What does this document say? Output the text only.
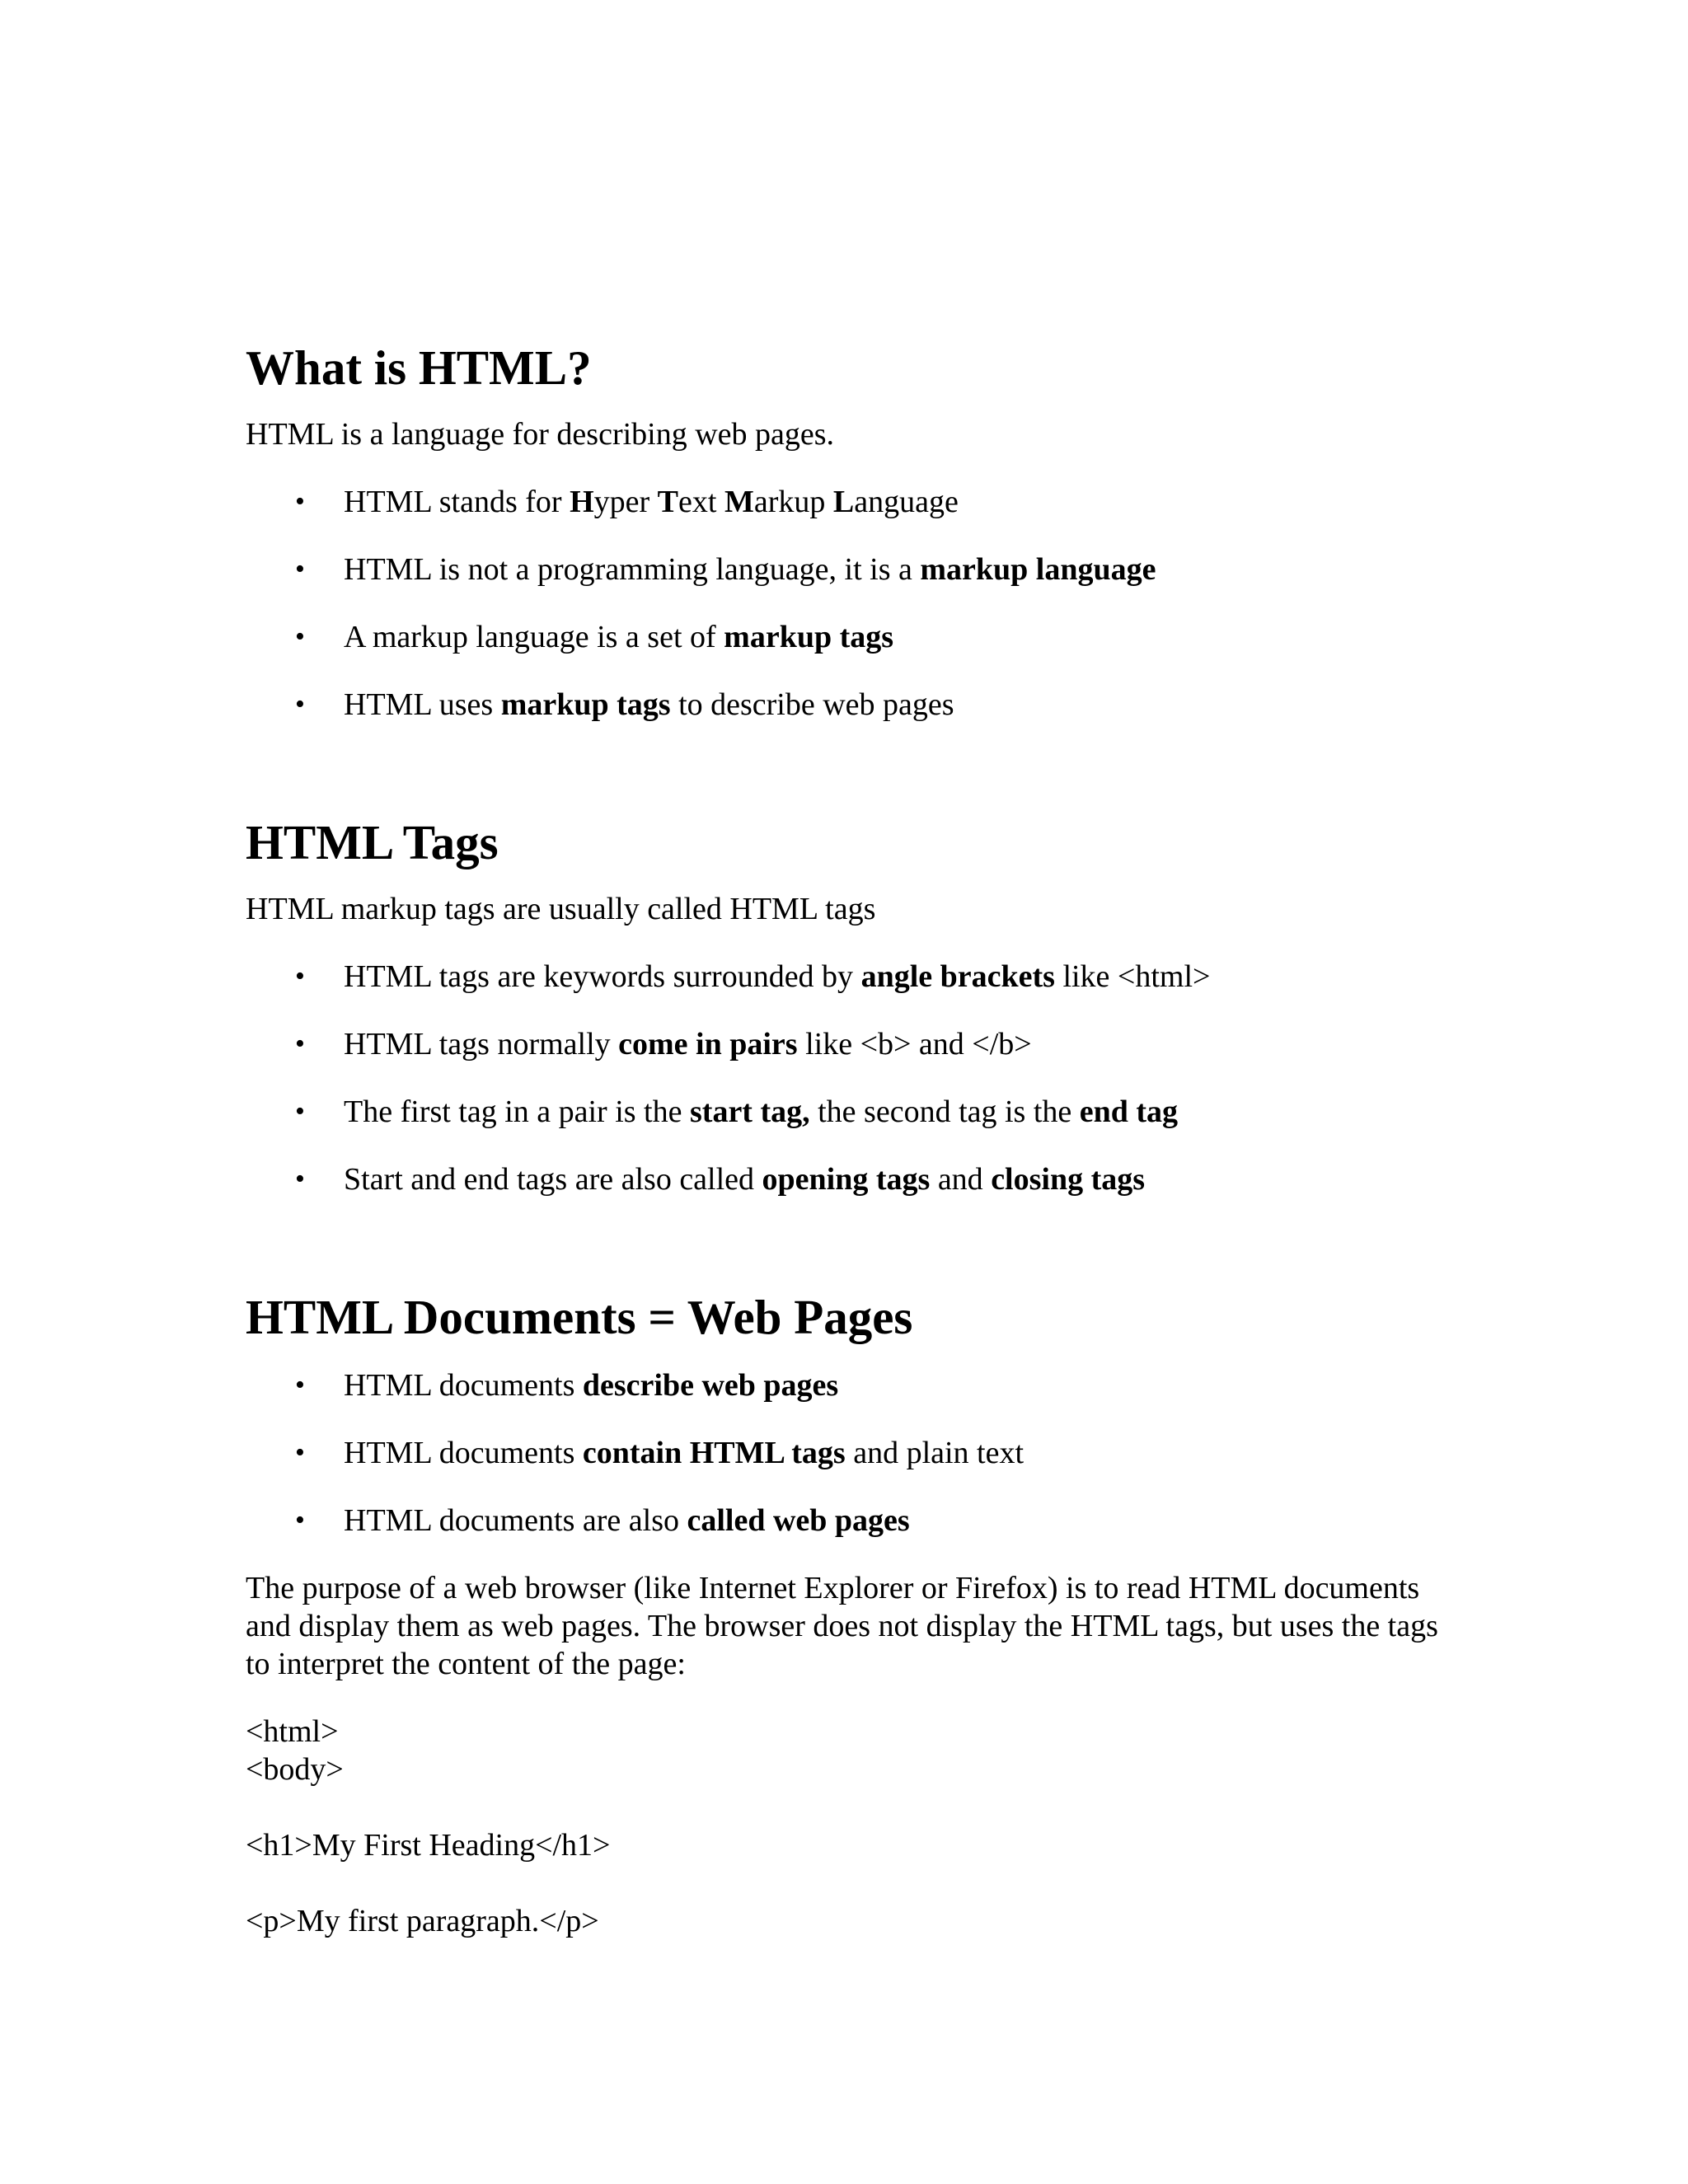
What is HTML?

HTML is a language for describing web pages.

•	HTML stands for Hyper Text Markup Language
•	HTML is not a programming language, it is a markup language
•	A markup language is a set of markup tags
•	HTML uses markup tags to describe web pages
HTML Tags

HTML markup tags are usually called HTML tags

•	HTML tags are keywords surrounded by angle brackets like <html>
•	HTML tags normally come in pairs like <b> and </b>
•	The first tag in a pair is the start tag, the second tag is the end tag
•	Start and end tags are also called opening tags and closing tags
HTML Documents = Web Pages
•	HTML documents describe web pages
•	HTML documents contain HTML tags and plain text
•	HTML documents are also called web pages

The purpose of a web browser (like Internet Explorer or Firefox) is to read HTML documents and display them as web pages. The browser does not display the HTML tags, but uses the tags to interpret the content of the page:

<html>
<body>
<h1>My First Heading</h1>
<p>My first paragraph.</p>
